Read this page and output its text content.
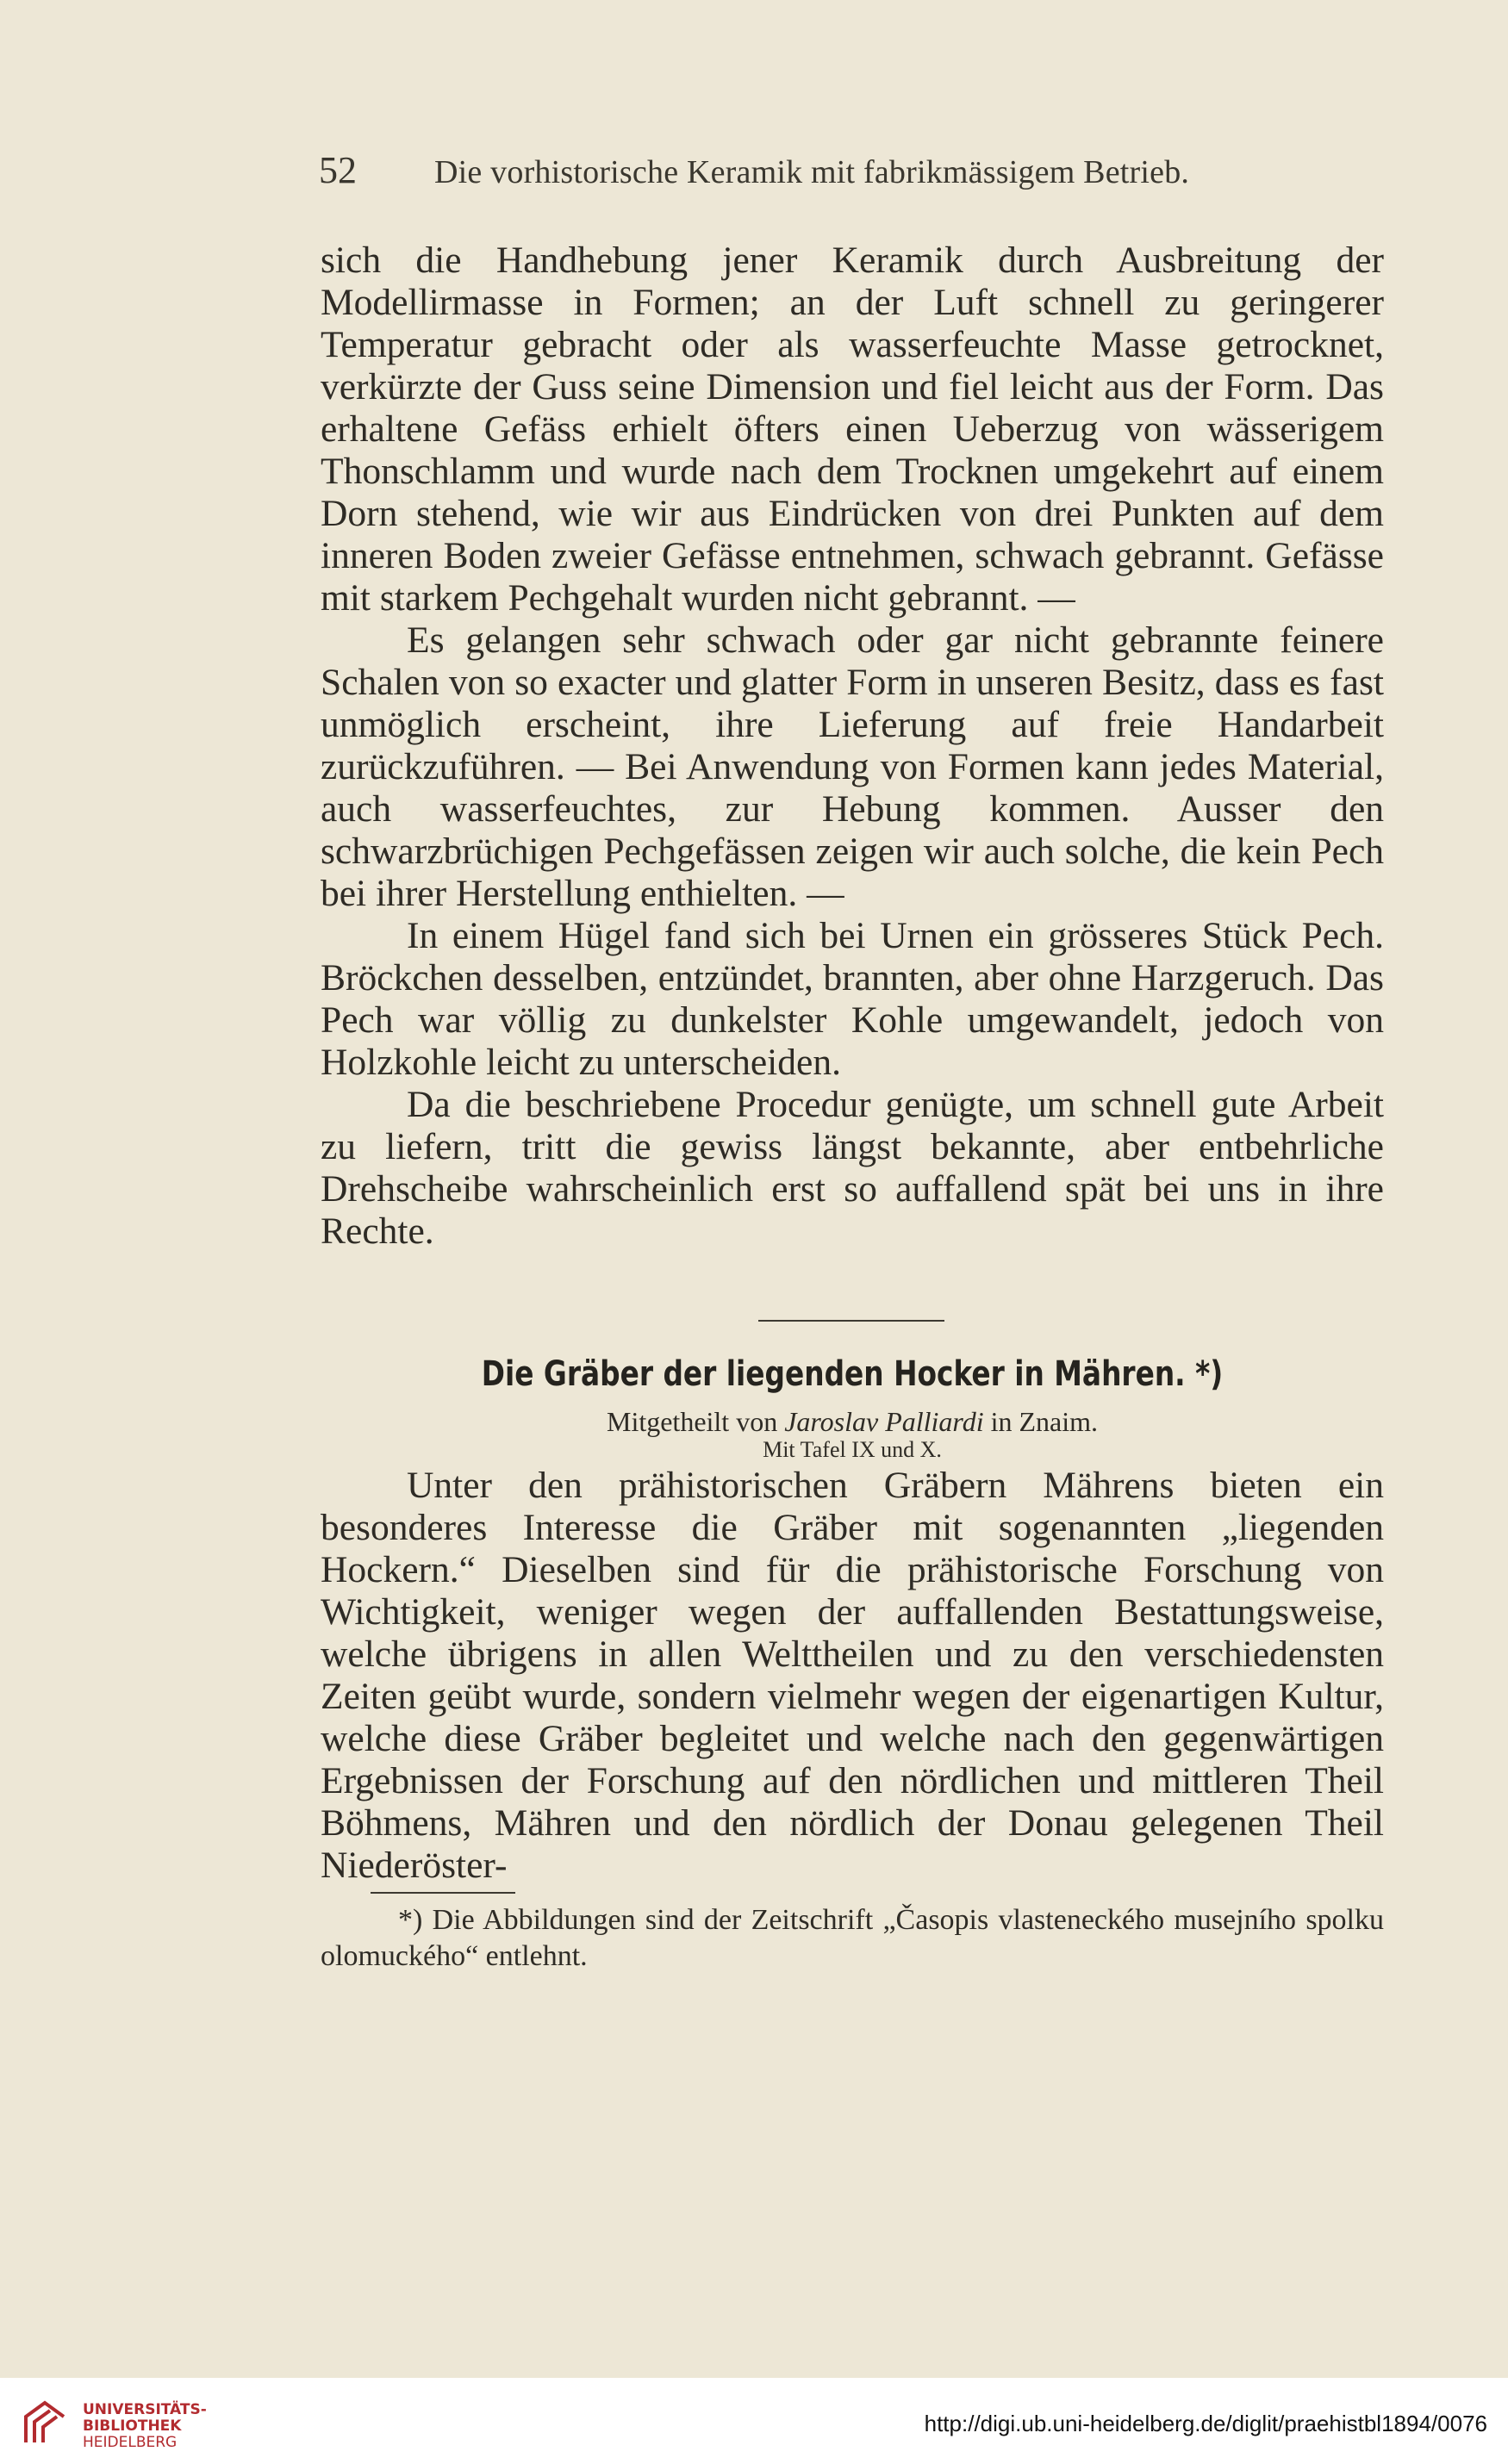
52 Die vorhistorische Keramik mit fabrikmässigem Betrieb.

sich die Handhebung jener Keramik durch Ausbreitung der Modellirmasse in Formen; an der Luft schnell zu geringerer Temperatur gebracht oder als wasserfeuchte Masse getrocknet, verkürzte der Guss seine Dimension und fiel leicht aus der Form. Das erhaltene Gefäss erhielt öfters einen Ueberzug von wässerigem Thonschlamm und wurde nach dem Trocknen umgekehrt auf einem Dorn stehend, wie wir aus Eindrücken von drei Punkten auf dem inneren Boden zweier Gefässe entnehmen, schwach gebrannt. Gefässe mit starkem Pechgehalt wurden nicht gebrannt. —

Es gelangen sehr schwach oder gar nicht gebrannte feinere Schalen von so exacter und glatter Form in unseren Besitz, dass es fast unmöglich erscheint, ihre Lieferung auf freie Handarbeit zurückzuführen. — Bei Anwendung von Formen kann jedes Material, auch wasserfeuchtes, zur Hebung kommen. Ausser den schwarzbrüchigen Pechgefässen zeigen wir auch solche, die kein Pech bei ihrer Herstellung enthielten. —

In einem Hügel fand sich bei Urnen ein grösseres Stück Pech. Bröckchen desselben, entzündet, brannten, aber ohne Harzgeruch. Das Pech war völlig zu dunkelster Kohle umgewandelt, jedoch von Holzkohle leicht zu unterscheiden.

Da die beschriebene Procedur genügte, um schnell gute Arbeit zu liefern, tritt die gewiss längst bekannte, aber entbehrliche Drehscheibe wahrscheinlich erst so auffallend spät bei uns in ihre Rechte.

Die Gräber der liegenden Hocker in Mähren. *)
Mitgetheilt von Jaroslav Palliardi in Znaim.
Mit Tafel IX und X.

Unter den prähistorischen Gräbern Mährens bieten ein besonderes Interesse die Gräber mit sogenannten „liegenden Hockern.“ Dieselben sind für die prähistorische Forschung von Wichtigkeit, weniger wegen der auffallenden Bestattungsweise, welche übrigens in allen Welttheilen und zu den verschiedensten Zeiten geübt wurde, sondern vielmehr wegen der eigenartigen Kultur, welche diese Gräber begleitet und welche nach den gegenwärtigen Ergebnissen der Forschung auf den nördlichen und mittleren Theil Böhmens, Mähren und den nördlich der Donau gelegenen Theil Niederöster-

*) Die Abbildungen sind der Zeitschrift „Časopis vlasteneckého musejního spolku olomuckého“ entlehnt.

UNIVERSITÄTS-
BIBLIOTHEK
HEIDELBERG
http://digi.ub.uni-heidelberg.de/diglit/praehistbl1894/0076
